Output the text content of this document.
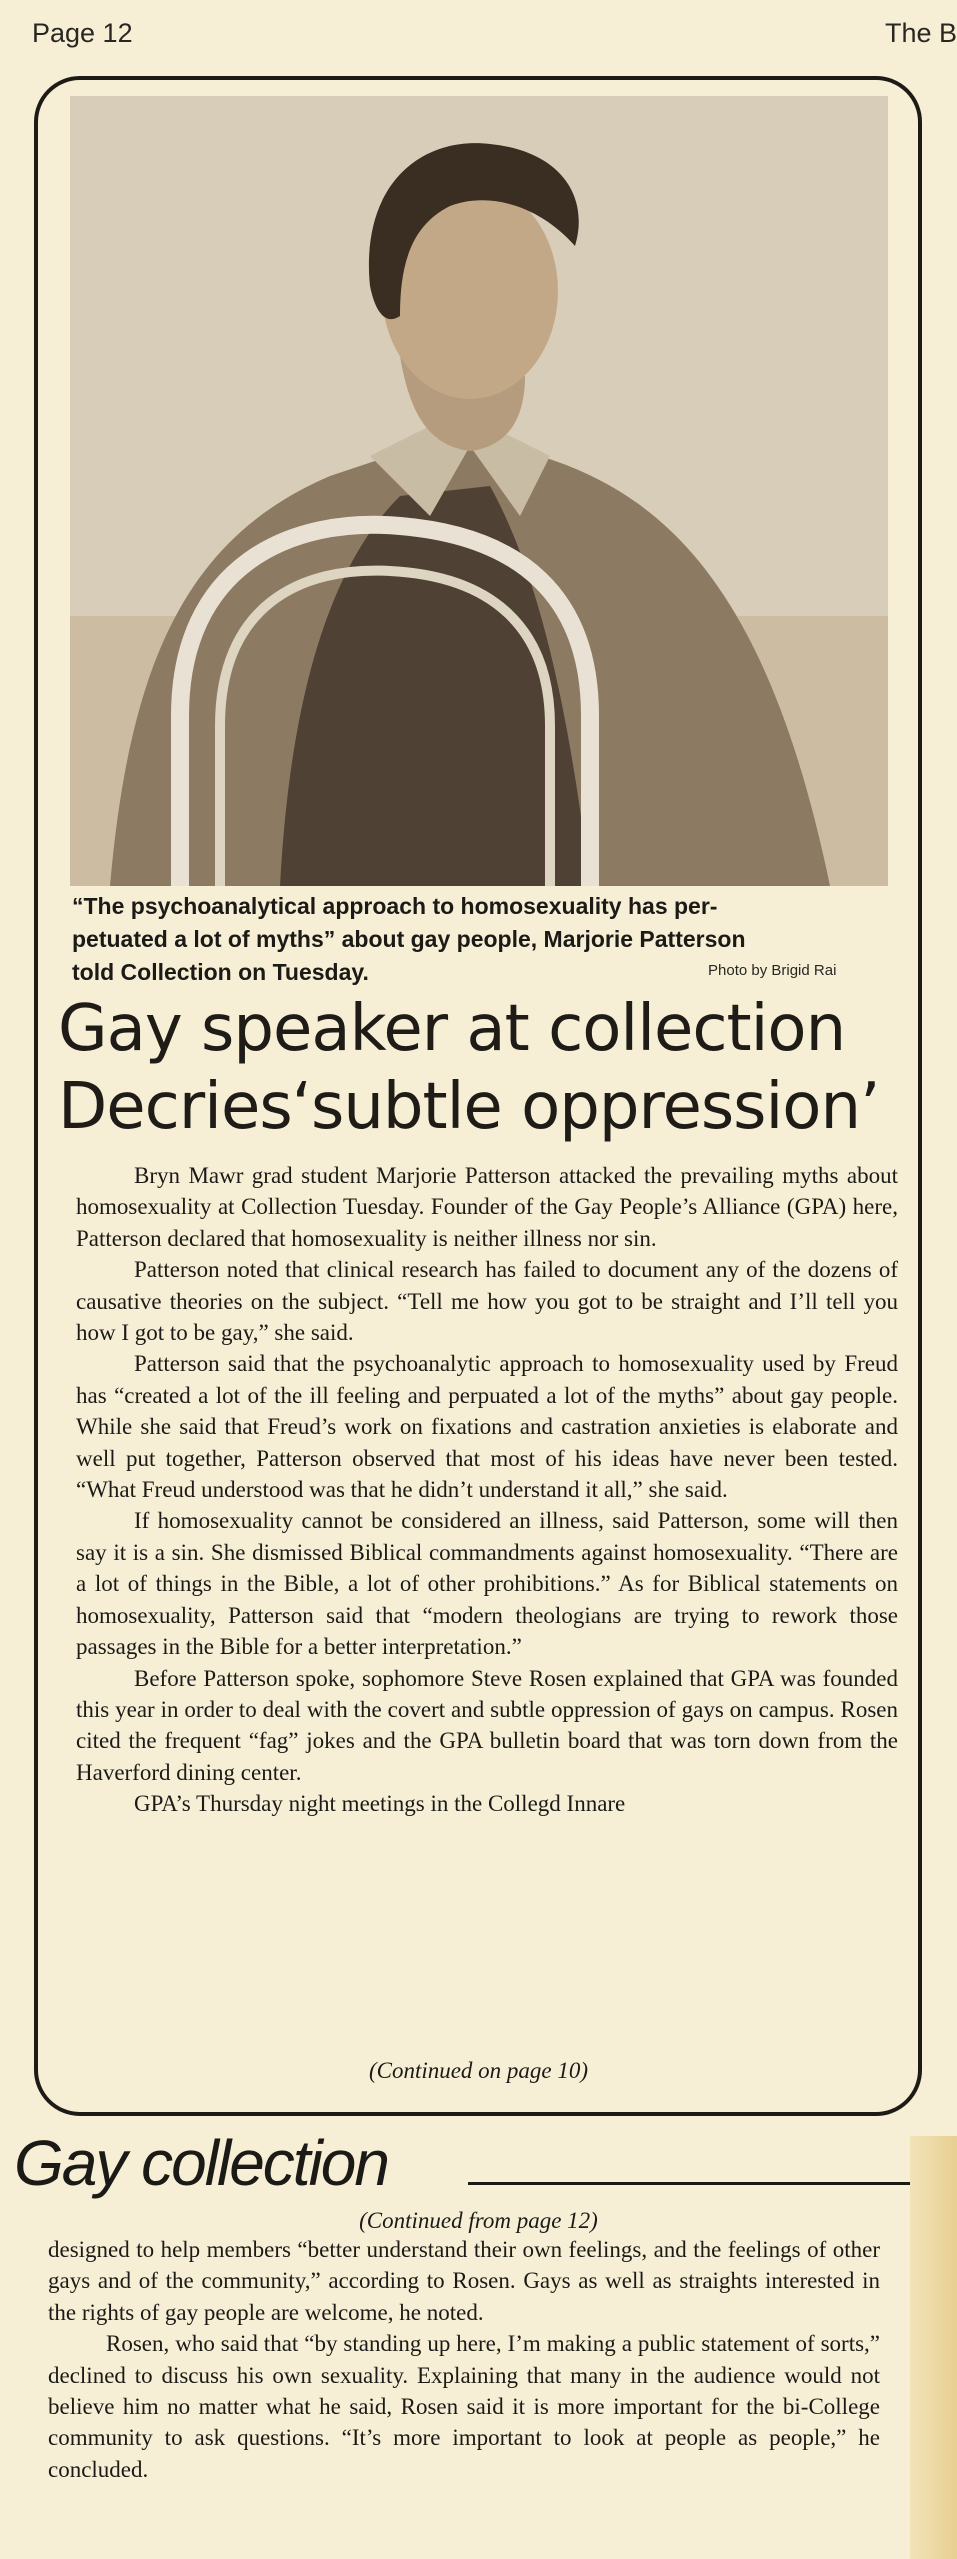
Page 12	The B
“The psychoanalytical approach to homosexuality has per-
petuated a lot of myths” about gay people, Marjorie Patterson
told Collection on Tuesday.	Photo by Brigid Rai
Gay speaker at collection
Decries‘subtle oppression’

Bryn Mawr grad student Marjorie Patterson attacked the prevailing myths about homosexuality at Collection Tuesday. Founder of the Gay People’s Alliance (GPA) here, Patterson declared that homosexuality is neither illness nor sin.

Patterson noted that clinical research has failed to document any of the dozens of causative theories on the subject. “Tell me how you got to be straight and I’ll tell you how I got to be gay,” she said.

Patterson said that the psychoanalytic approach to homosexuality used by Freud has “created a lot of the ill feeling and perpuated a lot of the myths” about gay people. While she said that Freud’s work on fixations and castration anxieties is elaborate and well put together, Patterson observed that most of his ideas have never been tested. “What Freud understood was that he didn’t understand it all,” she said.

If homosexuality cannot be considered an illness, said Patterson, some will then say it is a sin. She dismissed Biblical commandments against homosexuality. “There are a lot of things in the Bible, a lot of other prohibitions.” As for Biblical statements on homosexuality, Patterson said that “modern theologians are trying to rework those passages in the Bible for a better interpretation.”

Before Patterson spoke, sophomore Steve Rosen explained that GPA was founded this year in order to deal with the covert and subtle oppression of gays on campus. Rosen cited the frequent “fag” jokes and the GPA bulletin board that was torn down from the Haverford dining center.

GPA’s Thursday night meetings in the Collegd Innare

(Continued on page 10)
Gay collection
(Continued from page 12)

designed to help members “better understand their own feelings, and the feelings of other gays and of the community,” according to Rosen. Gays as well as straights interested in the rights of gay people are welcome, he noted.

Rosen, who said that “by standing up here, I’m making a public statement of sorts,” declined to discuss his own sexuality. Explaining that many in the audience would not believe him no matter what he said, Rosen said it is more important for the bi-College community to ask questions. “It’s more important to look at people as people,” he concluded.
